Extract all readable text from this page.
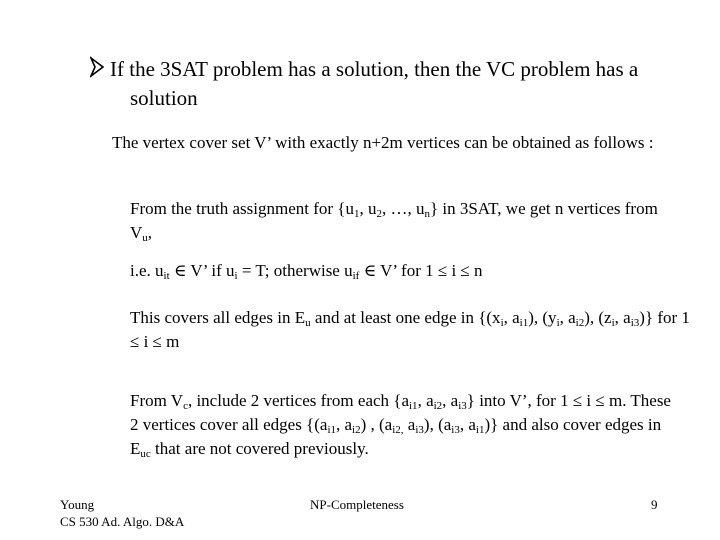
If the 3SAT problem has a solution, then the VC problem has a solution
The vertex cover set V’ with exactly n+2m vertices can be obtained as follows :
From the truth assignment for {$u_1$, $u_2$, …, $u_n$} in 3SAT, we get n vertices from $V_u$,
i.e. $u_{it}$ ∈ V’ if $u_i = T$; otherwise $u_{if}$ ∈ V’ for 1 ≤ i ≤ n
This covers all edges in $E_u$ and at least one edge in {($x_i$, $a_{i1}$), ($y_i$, $a_{i2}$), ($z_i$, $a_{i3}$)} for 1 ≤ i ≤ m
From $V_c$, include 2 vertices from each {$a_{i1}$, $a_{i2}$, $a_{i3}$} into V’, for 1 ≤ i ≤ m. These 2 vertices cover all edges {($a_{i1}$, $a_{i2}$) , ($a_{i2,}$ $a_{i3}$), ($a_{i3}$, $a_{i1}$)} and also cover edges in $E_{uc}$ that are not covered previously.
Young
CS 530 Ad. Algo. D&A
NP-Completeness	9
